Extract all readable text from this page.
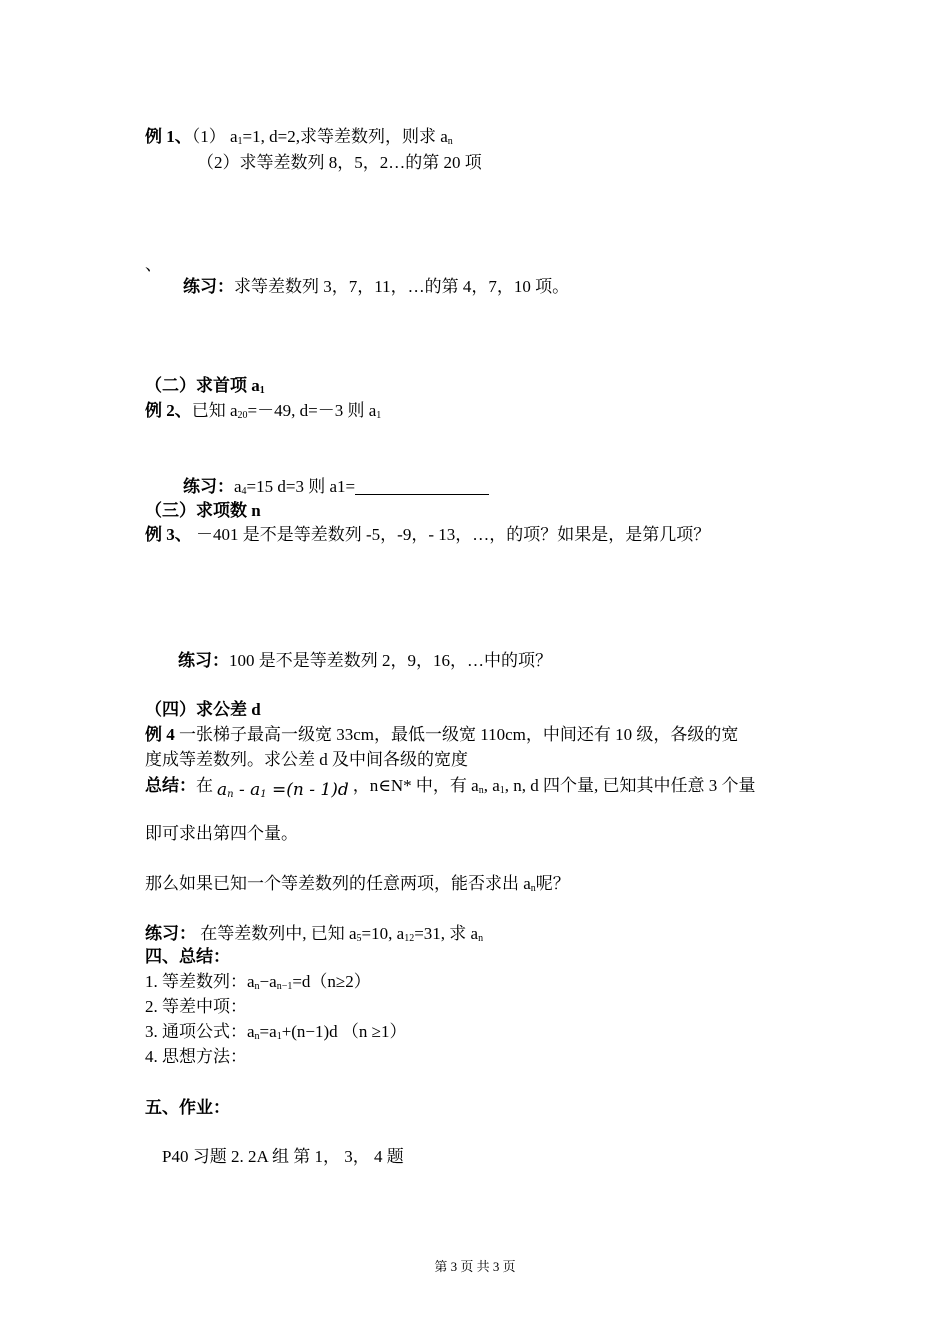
例 1、（1） $a_1=1$, d=2,求等差数列，则求 $a_n$
（2）求等差数列 8，5，2…的第 20 项
、
练习：求等差数列 3，7，11，…的第 4，7，10 项。
（二）求首项 $a_1$
例 2、已知 $a_{20}=-49$, d=－3 则 $a_1$
练习：$a_4=15$ d=3 则 a1=
（三）求项数 n
例 3、 －401 是不是等差数列 -5，-9，- 13，…，的项？如果是，是第几项？
练习：100 是不是等差数列 2，9，16，…中的项？
（四）求公差 d
例 4 一张梯子最高一级宽 33cm，最低一级宽 110cm，中间还有 10 级，各级的宽
度成等差数列。求公差 d 及中间各级的宽度
总结：在 $a_n - a_1 =(n - 1)d$ ，n∈N* 中，有 $a_n$, $a_1$, n, d 四个量, 已知其中任意 3 个量
即可求出第四个量。
那么如果已知一个等差数列的任意两项，能否求出 $a_n$呢？
练习： 在等差数列中, 已知 $a_5=10$, $a_{12}=31$, 求 $a_n$
四、总结：
1. 等差数列：$a_n-a_{n-1}=d(n\ge 2)$
2. 等差中项：
3. 通项公式：$a_n=a_1+(n-1)d$ （n ≥1）
4. 思想方法：
五、作业：
P40 习题 2. 2A 组 第 1， 3， 4 题
第 3 页 共 3 页
